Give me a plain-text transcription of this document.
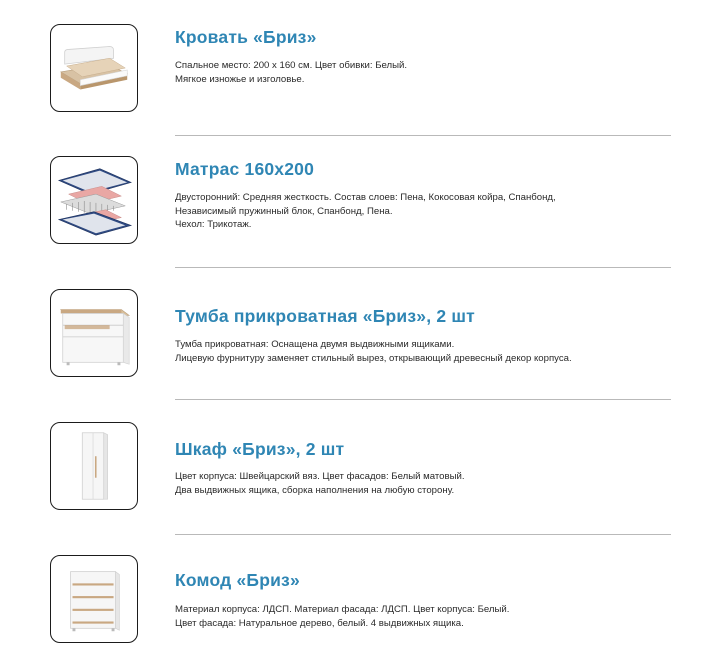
Кровать «Бриз»

Спальное место: 200 x 160 см. Цвет обивки: Белый.
Мягкое изножье и изголовье.

Матрас 160x200

Двусторонний: Средняя жесткость. Состав слоев: Пена, Кокосовая койра, Спанбонд,
Независимый пружинный блок, Спанбонд, Пена.
Чехол: Трикотаж.

Тумба прикроватная «Бриз», 2 шт

Тумба прикроватная: Оснащена двумя выдвижными ящиками.
Лицевую фурнитуру заменяет стильный вырез, открывающий древесный декор корпуса.

Шкаф «Бриз», 2 шт

Цвет корпуса: Швейцарский вяз. Цвет фасадов: Белый матовый.
Два выдвижных ящика, сборка наполнения на любую сторону.

Комод «Бриз»

Материал корпуса: ЛДСП. Материал фасада: ЛДСП. Цвет корпуса: Белый.
Цвет фасада: Натуральное дерево, белый. 4 выдвижных ящика.
